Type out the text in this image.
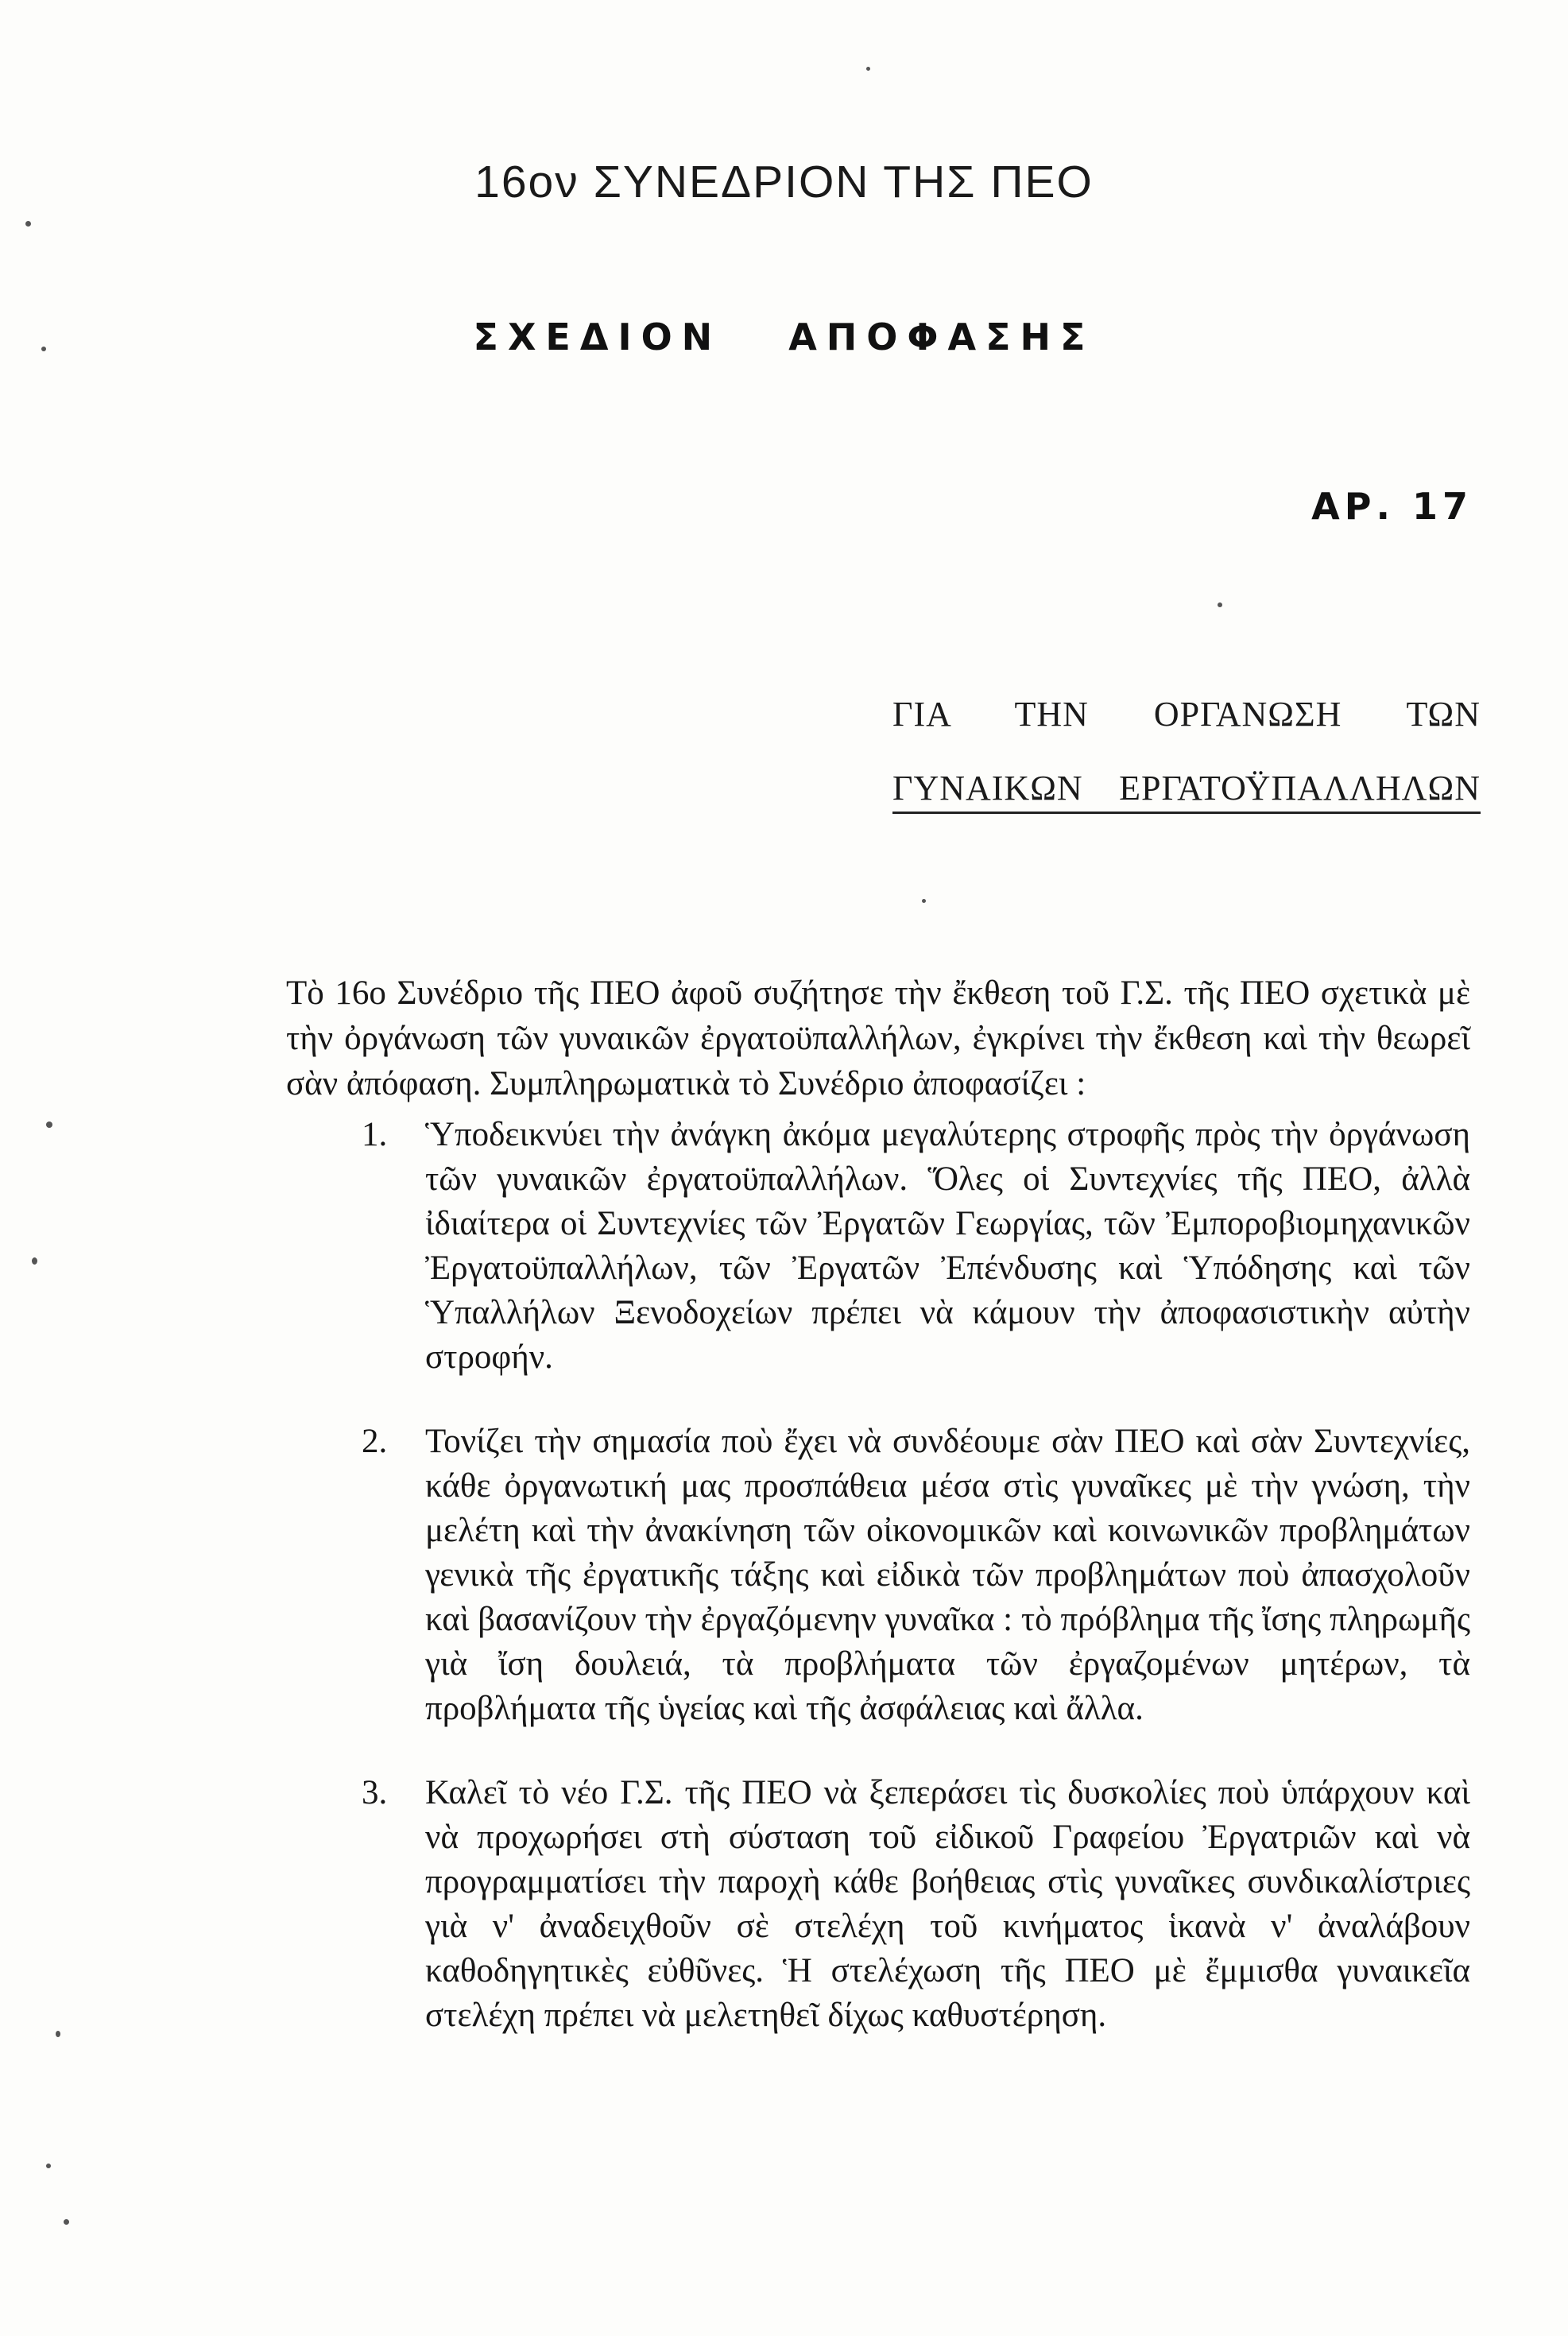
16ον ΣΥΝΕΔΡΙΟΝ ΤΗΣ ΠΕΟ
ΣΧΕΔΙΟΝ ΑΠΟΦΑΣΗΣ
ΑΡ. 17
ΓΙΑ ΤΗΝ ΟΡΓΑΝΩΣΗ ΤΩΝ
ΓΥΝΑΙΚΩΝ ΕΡΓΑΤΟΫΠΑΛΛΗΛΩΝ

Τὸ 16ο Συνέδριο τῆς ΠΕΟ ἀφοῦ συζήτησε τὴν ἔκθεση τοῦ Γ.Σ. τῆς ΠΕΟ σχετικὰ μὲ τὴν ὀργάνωση τῶν γυναικῶν ἐργατοϋπαλλήλων, ἐγκρίνει τὴν ἔκθεση καὶ τὴν θεωρεῖ σὰν ἀπόφαση. Συμπληρωματικὰ τὸ Συνέδριο ἀποφασίζει :

1. Ὑποδεικνύει τὴν ἀνάγκη ἀκόμα μεγαλύτερης στροφῆς πρὸς τὴν ὀργάνωση τῶν γυναικῶν ἐργατοϋπαλλήλων. Ὅλες οἱ Συντεχνίες τῆς ΠΕΟ, ἀλλὰ ἰδιαίτερα οἱ Συντεχνίες τῶν Ἐργατῶν Γεωργίας, τῶν Ἐμποροβιομηχανικῶν Ἐργατοϋπαλλήλων, τῶν Ἐργατῶν Ἐπένδυσης καὶ Ὑπόδησης καὶ τῶν Ὑπαλλήλων Ξενοδοχείων πρέπει νὰ κάμουν τὴν ἀποφασιστικὴν αὐτὴν στροφήν.
2. Τονίζει τὴν σημασία ποὺ ἔχει νὰ συνδέουμε σὰν ΠΕΟ καὶ σὰν Συντεχνίες, κάθε ὀργανωτική μας προσπάθεια μέσα στὶς γυναῖκες μὲ τὴν γνώση, τὴν μελέτη καὶ τὴν ἀνακίνηση τῶν οἰκονομικῶν καὶ κοινωνικῶν προβλημάτων γενικὰ τῆς ἐργατικῆς τάξης καὶ εἰδικὰ τῶν προβλημάτων ποὺ ἀπασχολοῦν καὶ βασανίζουν τὴν ἐργαζόμενην γυναῖκα : τὸ πρόβλημα τῆς ἴσης πληρωμῆς γιὰ ἴση δουλειά, τὰ προβλήματα τῶν ἐργαζομένων μητέρων, τὰ προβλήματα τῆς ὑγείας καὶ τῆς ἀσφάλειας καὶ ἄλλα.
3. Καλεῖ τὸ νέο Γ.Σ. τῆς ΠΕΟ νὰ ξεπεράσει τὶς δυσκολίες ποὺ ὑπάρχουν καὶ νὰ προχωρήσει στὴ σύσταση τοῦ εἰδικοῦ Γραφείου Ἐργατριῶν καὶ νὰ προγραμματίσει τὴν παροχὴ κάθε βοήθειας στὶς γυναῖκες συνδικαλίστριες γιὰ ν' ἀναδειχθοῦν σὲ στελέχη τοῦ κινήματος ἱκανὰ ν' ἀναλάβουν καθοδηγητικὲς εὐθῦνες. Ἡ στελέχωση τῆς ΠΕΟ μὲ ἔμμισθα γυναικεῖα στελέχη πρέπει νὰ μελετηθεῖ δίχως καθυστέρηση.
